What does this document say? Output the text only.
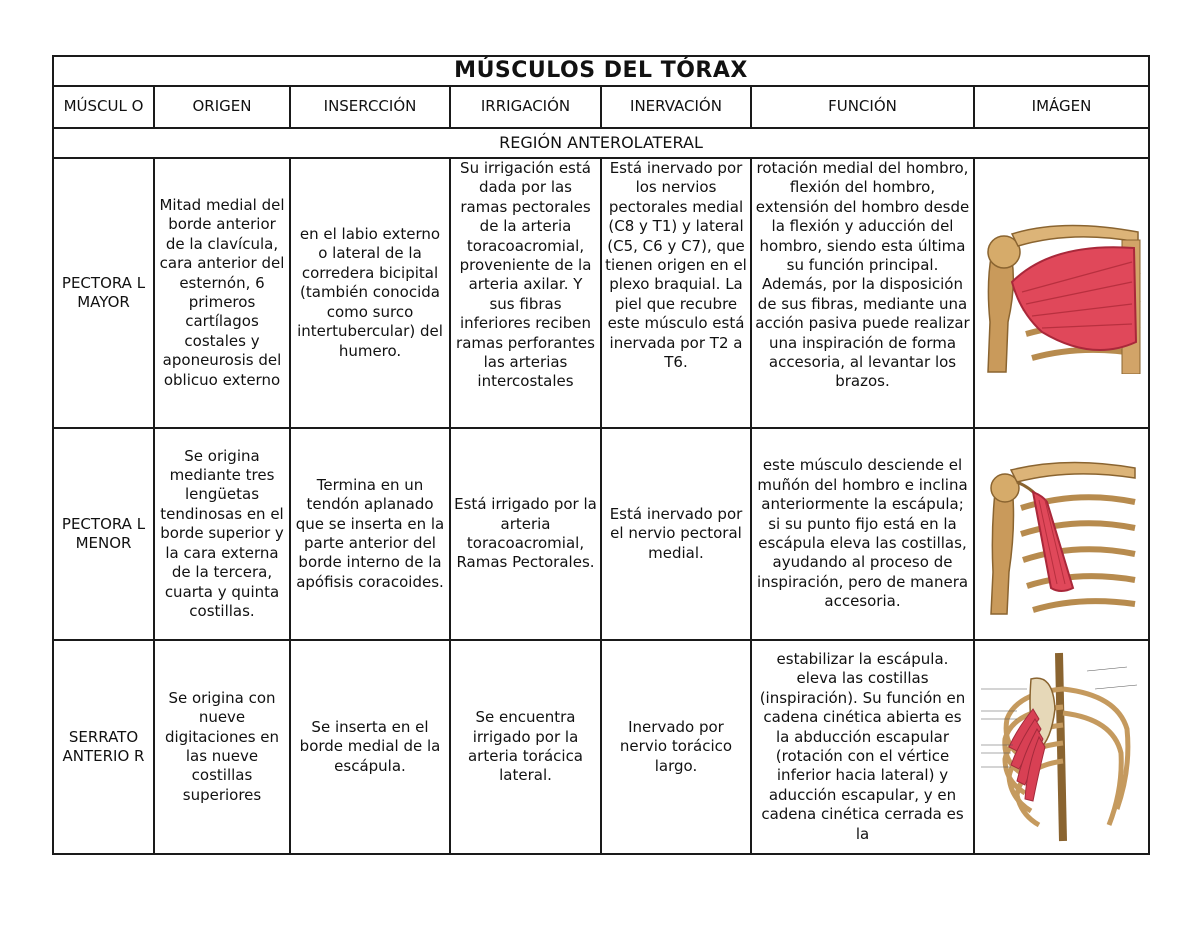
MÚSCULOS DEL TÓRAX						
MÚSCUL O	ORIGEN	INSERCCIÓN	IRRIGACIÓN	INERVACIÓN	FUNCIÓN	IMÁGEN
REGIÓN ANTEROLATERAL						
PECTORA L MAYOR	Mitad medial del borde anterior de la clavícula, cara anterior del esternón, 6 primeros cartílagos costales y aponeurosis del oblicuo externo	en el labio externo o lateral de la corredera bicipital (también conocida como surco intertubercular) del humero.	Su irrigación está dada por las ramas pectorales de la arteria toracoacromial, proveniente de la arteria axilar. Y sus fibras inferiores reciben ramas perforantes las arterias intercostales	Está inervado por los nervios pectorales medial (C8 y T1) y lateral (C5, C6 y C7), que tienen origen en el plexo braquial. La piel que recubre este músculo está inervada por T2 a T6.	rotación medial del hombro, flexión del hombro, extensión del hombro desde la flexión y aducción del hombro, siendo esta última su función principal. Además, por la disposición de sus fibras, mediante una acción pasiva puede realizar una inspiración de forma accesoria, al levantar los brazos.	

PECTORA L MENOR	Se origina mediante tres lengüetas tendinosas en el borde superior y la cara externa de la tercera, cuarta y quinta costillas.	Termina en un tendón aplanado que se inserta en la parte anterior del borde interno de la apófisis coracoides.	Está irrigado por la arteria toracoacromial, Ramas Pectorales.	Está inervado por el nervio pectoral medial.	este músculo desciende el muñón del hombro e inclina anteriormente la escápula; si su punto fijo está en la escápula eleva las costillas, ayudando al proceso de inspiración, pero de manera accesoria.	

SERRATO ANTERIO R	Se origina con nueve digitaciones en las nueve costillas superiores	Se inserta en el borde medial de la escápula.	Se encuentra irrigado por la arteria torácica lateral.	Inervado por nervio torácico largo.	estabilizar la escápula. eleva las costillas (inspiración). Su función en cadena cinética abierta es la abducción escapular (rotación con el vértice inferior hacia lateral) y aducción escapular, y en cadena cinética cerrada es la	
